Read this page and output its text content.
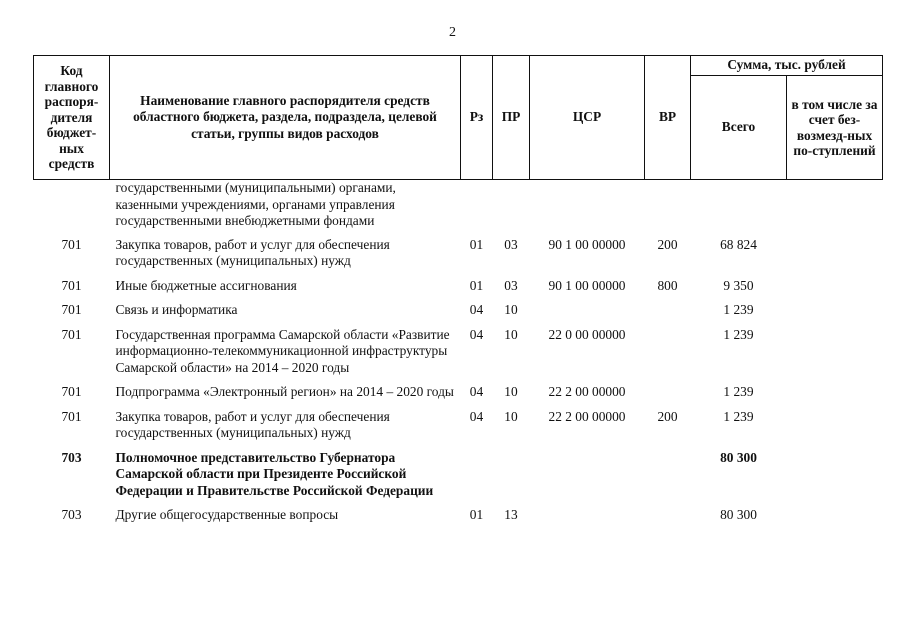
2
Код главного распоря-дителя бюджет-ных средств	Наименование главного распорядителя средств областного бюджета, раздела, подраздела, целевой статьи, группы видов расходов	Рз	ПР	ЦСР	ВР	Сумма, тыс. рублей	
						Всего	в том числе за счет без-возмезд-ных по-ступлений
	государственными (муниципальными) органами, казенными учреждениями, органами управления государственными внебюджетными фондами						
701	Закупка товаров, работ и услуг для обеспечения государственных (муниципальных) нужд	01	03	90 1 00 00000	200	68 824	
701	Иные бюджетные ассигнования	01	03	90 1 00 00000	800	9 350	
701	Связь и информатика	04	10			1 239	
701	Государственная программа Самарской области «Развитие информационно-телекоммуникационной инфраструктуры Самарской области» на 2014 – 2020 годы	04	10	22 0 00 00000		1 239	
701	Подпрограмма «Электронный регион» на 2014 – 2020 годы	04	10	22 2 00 00000		1 239	
701	Закупка товаров, работ и услуг для обеспечения государственных (муниципальных) нужд	04	10	22 2 00 00000	200	1 239	
703	Полномочное представительство Губернатора Самарской области при Президенте Российской Федерации и Правительстве Российской Федерации					80 300	
703	Другие общегосударственные вопросы	01	13			80 300	
